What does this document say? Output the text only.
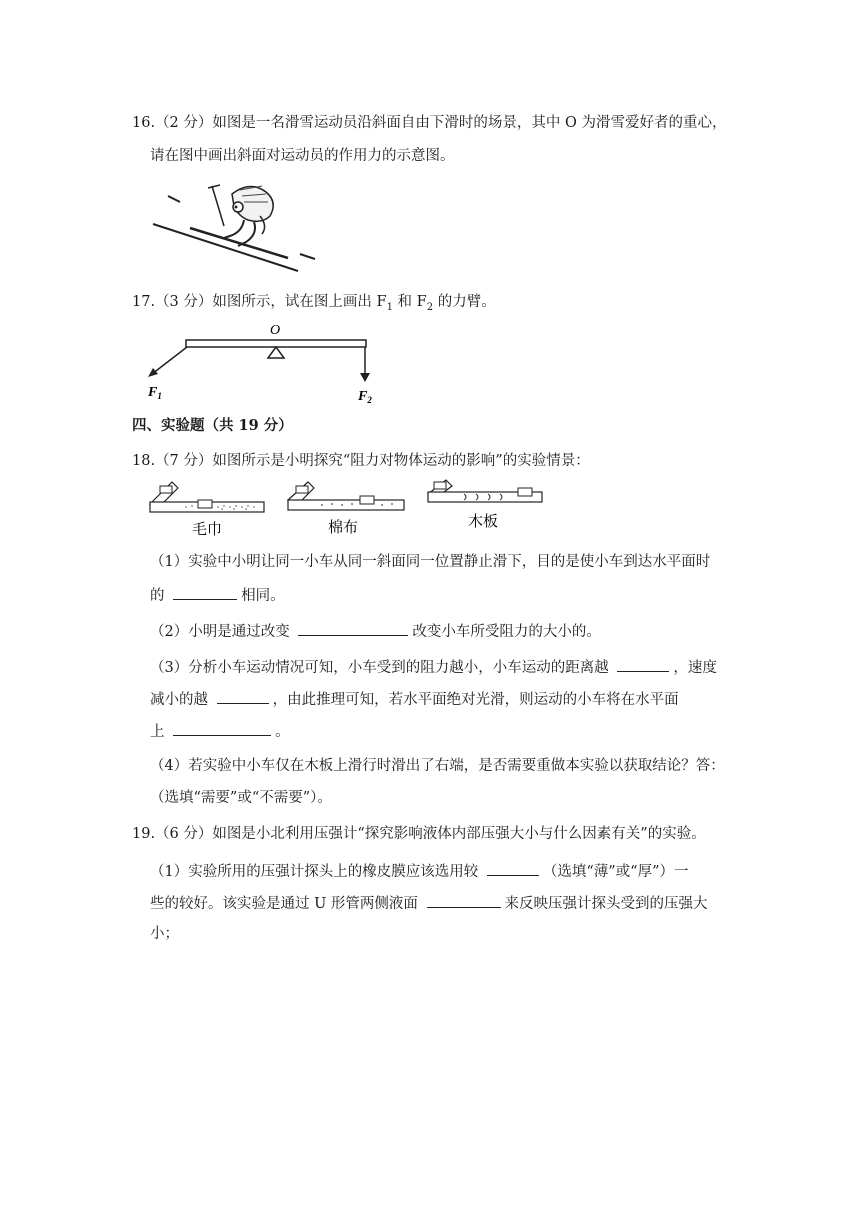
16.（2 分）如图是一名滑雪运动员沿斜面自由下滑时的场景，其中 O 为滑雪爱好者的重心，
请在图中画出斜面对运动员的作用力的示意图。
17.（3 分）如图所示，试在图上画出 $F_1$ 和 $F_2$ 的力臂。
O
$F_1$	$F_2$
四、实验题（共 19 分）
18.（7 分）如图所示是小明探究“阻力对物体运动的影响”的实验情景：
毛巾	棉布	木板
（1）实验中小明让同一小车从同一斜面同一位置静止滑下，目的是使小车到达水平面时
的	相同。
（2）小明是通过改变	改变小车所受阻力的大小的。
（3）分析小车运动情况可知，小车受到的阻力越小，小车运动的距离越	，速度
减小的越	，由此推理可知，若水平面绝对光滑，则运动的小车将在水平面
上	。
（4）若实验中小车仅在木板上滑行时滑出了右端，是否需要重做本实验以获取结论？答：
（选填“需要”或“不需要”）。
19.（6 分）如图是小北利用压强计“探究影响液体内部压强大小与什么因素有关”的实验。
（1）实验所用的压强计探头上的橡皮膜应该选用较	（选填“薄”或“厚”）一
些的较好。该实验是通过 U 形管两侧液面	来反映压强计探头受到的压强大
小；
